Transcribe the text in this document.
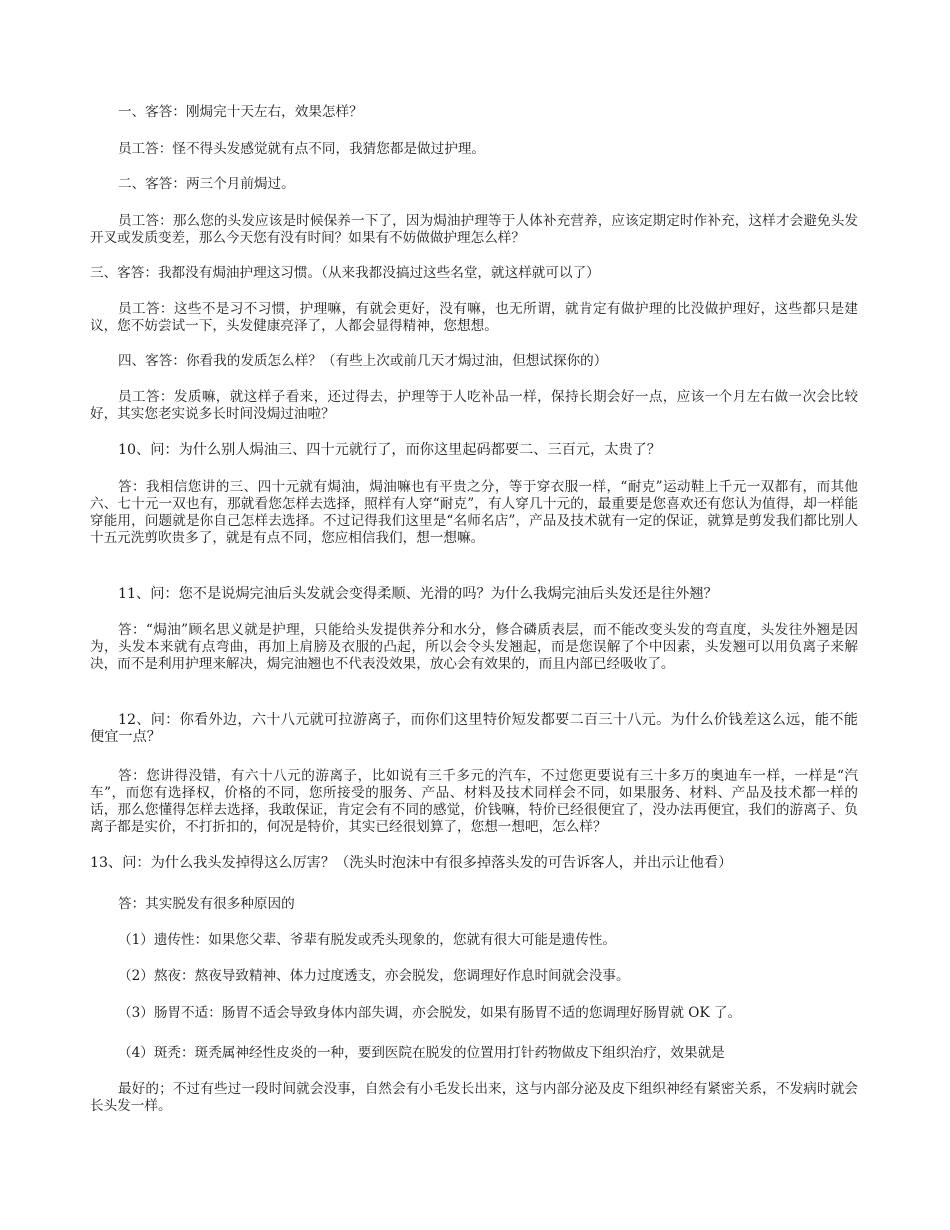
一、客答：刚焗完十天左右，效果怎样？

员工答：怪不得头发感觉就有点不同，我猜您都是做过护理。

二、客答：两三个月前焗过。

员工答：那么您的头发应该是时候保养一下了，因为焗油护理等于人体补充营养，应该定期定时作补充，这样才会避免头发开叉或发质变差，那么今天您有没有时间？如果有不妨做做护理怎么样？

三、客答：我都没有焗油护理这习惯。（从来我都没搞过这些名堂，就这样就可以了）

员工答：这些不是习不习惯，护理嘛，有就会更好，没有嘛，也无所谓，就肯定有做护理的比没做护理好，这些都只是建议，您不妨尝试一下，头发健康亮泽了，人都会显得精神，您想想。

四、客答：你看我的发质怎么样？（有些上次或前几天才焗过油，但想试探你的）

员工答：发质嘛，就这样子看来，还过得去，护理等于人吃补品一样，保持长期会好一点，应该一个月左右做一次会比较好，其实您老实说多长时间没焗过油啦？

10、问：为什么别人焗油三、四十元就行了，而你这里起码都要二、三百元，太贵了？

答：我相信您讲的三、四十元就有焗油，焗油嘛也有平贵之分，等于穿衣服一样，“耐克”运动鞋上千元一双都有，而其他六、七十元一双也有，那就看您怎样去选择，照样有人穿“耐克”，有人穿几十元的，最重要是您喜欢还有您认为值得，却一样能穿能用，问题就是你自己怎样去选择。不过记得我们这里是“名师名店”，产品及技术就有一定的保证，就算是剪发我们都比别人十五元洗剪吹贵多了，就是有点不同，您应相信我们，想一想嘛。

11、问：您不是说焗完油后头发就会变得柔顺、光滑的吗？为什么我焗完油后头发还是往外翘？

答：“焗油”顾名思义就是护理，只能给头发提供养分和水分，修合磷质表层，而不能改变头发的弯直度，头发往外翘是因为，头发本来就有点弯曲，再加上肩膀及衣服的凸起，所以会令头发翘起，而是您误解了个中因素，头发翘可以用负离子来解决，而不是利用护理来解决，焗完油翘也不代表没效果，放心会有效果的，而且内部已经吸收了。

12、问：你看外边，六十八元就可拉游离子，而你们这里特价短发都要二百三十八元。为什么价钱差这么远，能不能便宜一点？

答：您讲得没错，有六十八元的游离子，比如说有三千多元的汽车，不过您更要说有三十多万的奥迪车一样，一样是“汽车”，而您有选择权，价格的不同，您所接受的服务、产品、材料及技术同样会不同，如果服务、材料、产品及技术都一样的话，那么您懂得怎样去选择，我敢保证，肯定会有不同的感觉，价钱嘛，特价已经很便宜了，没办法再便宜，我们的游离子、负离子都是实价，不打折扣的，何况是特价，其实已经很划算了，您想一想吧，怎么样？

13、问：为什么我头发掉得这么厉害？（洗头时泡沫中有很多掉落头发的可告诉客人，并出示让他看）

答：其实脱发有很多种原因的

（1）遗传性：如果您父辈、爷辈有脱发或秃头现象的，您就有很大可能是遗传性。

（2）熬夜：熬夜导致精神、体力过度透支，亦会脱发，您调理好作息时间就会没事。

（3）肠胃不适：肠胃不适会导致身体内部失调，亦会脱发，如果有肠胃不适的您调理好肠胃就 OK 了。

（4）斑秃：斑秃属神经性皮炎的一种，要到医院在脱发的位置用打针药物做皮下组织治疗，效果就是

最好的；不过有些过一段时间就会没事，自然会有小毛发长出来，这与内部分泌及皮下组织神经有紧密关系，不发病时就会长头发一样。
